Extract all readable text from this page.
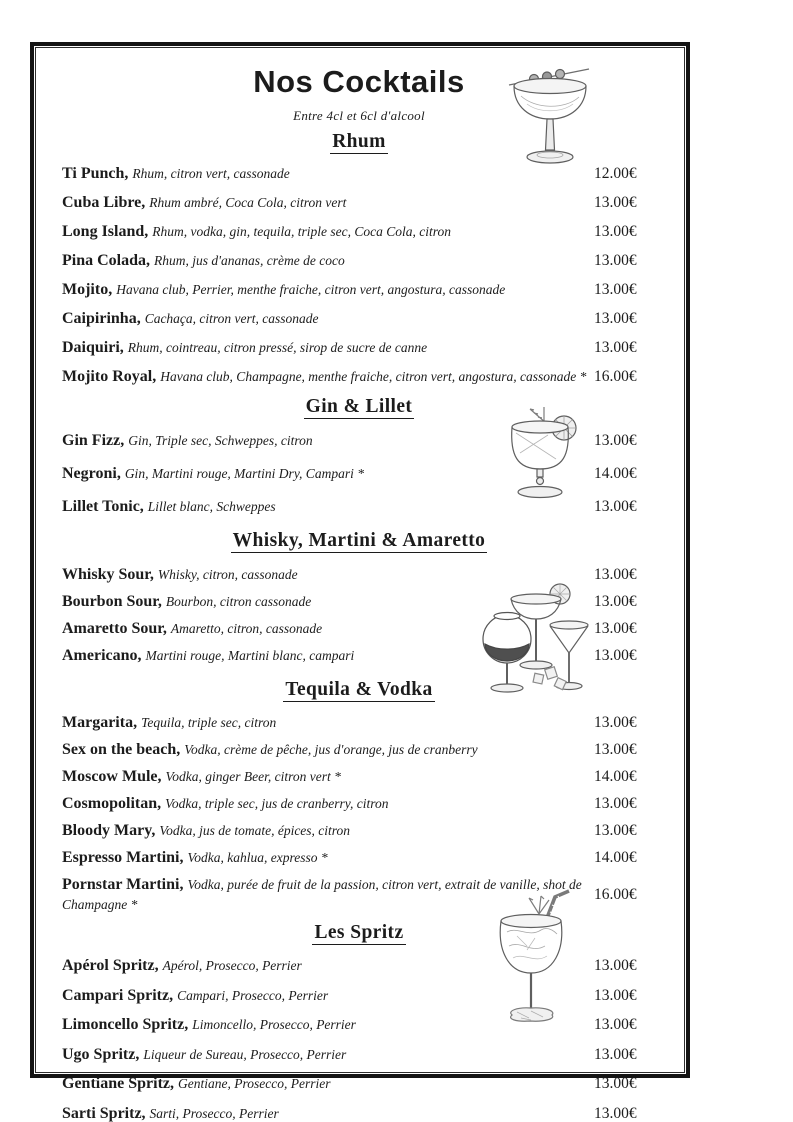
Nos Cocktails
Entre 4cl et 6cl d'alcool
Rhum
Ti Punch, Rhum, citron vert, cassonade	12.00€
Cuba Libre, Rhum ambré, Coca Cola, citron vert	13.00€
Long Island, Rhum, vodka, gin, tequila, triple sec, Coca Cola, citron	13.00€
Pina Colada, Rhum, jus d'ananas, crème de coco	13.00€
Mojito, Havana club, Perrier, menthe fraiche, citron vert, angostura, cassonade	13.00€
Caipirinha, Cachaça, citron vert, cassonade	13.00€
Daiquiri, Rhum, cointreau, citron pressé, sirop de sucre de canne	13.00€
Mojito Royal, Havana club, Champagne, menthe fraiche, citron vert, angostura, cassonade * 16.00€
Gin & Lillet
Gin Fizz, Gin, Triple sec, Schweppes, citron	13.00€
Negroni, Gin, Martini rouge, Martini Dry, Campari *	14.00€
Lillet Tonic, Lillet blanc, Schweppes	13.00€
Whisky, Martini & Amaretto
Whisky Sour, Whisky, citron, cassonade	13.00€
Bourbon Sour, Bourbon, citron cassonade	13.00€
Amaretto Sour, Amaretto, citron, cassonade	13.00€
Americano, Martini rouge, Martini blanc, campari	13.00€
Tequila & Vodka
Margarita, Tequila, triple sec, citron	13.00€
Sex on the beach, Vodka, crème de pêche, jus d'orange, jus de cranberry	13.00€
Moscow Mule, Vodka, ginger Beer, citron vert *	14.00€
Cosmopolitan, Vodka, triple sec, jus de cranberry, citron	13.00€
Bloody Mary, Vodka, jus de tomate, épices, citron	13.00€
Espresso Martini, Vodka, kahlua, expresso *	14.00€
Pornstar Martini, Vodka, purée de fruit de la passion, citron vert, extrait de vanille, shot de Champagne *
16.00€
Les Spritz
Apérol Spritz, Apérol, Prosecco, Perrier	13.00€
Campari Spritz, Campari, Prosecco, Perrier	13.00€
Limoncello Spritz, Limoncello, Prosecco, Perrier	13.00€
Ugo Spritz, Liqueur de Sureau, Prosecco, Perrier	13.00€
Gentiane Spritz, Gentiane, Prosecco, Perrier	13.00€
Sarti Spritz, Sarti, Prosecco, Perrier	13.00€
